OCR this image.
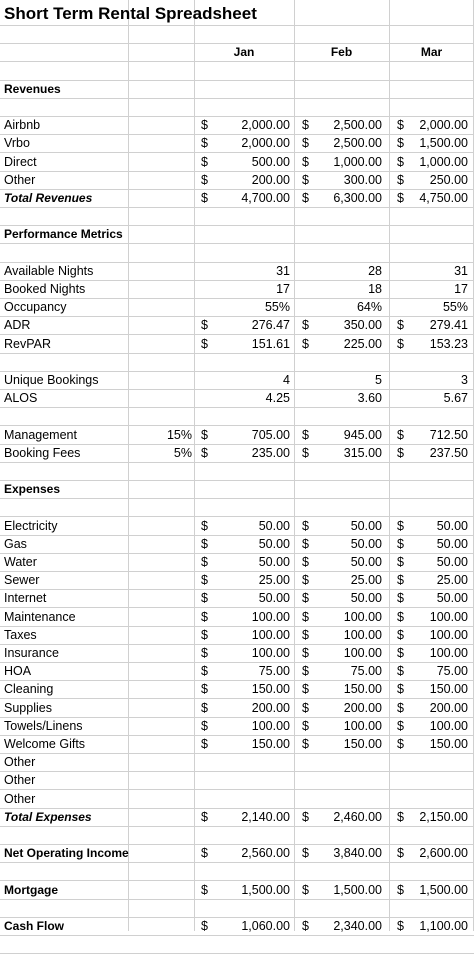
Short Term Rental Spreadsheet
Jan	Feb	Mar
Revenues
Airbnb	$	2,000.00 $	2,500.00 $	2,000.00
Vrbo	$	2,000.00 $	2,500.00 $	1,500.00
Direct	$	500.00 $	1,000.00 $	1,000.00
Other	$	200.00 $	300.00 $	250.00
Total Revenues	$	4,700.00 $	6,300.00 $	4,750.00
Performance Metrics
Available Nights	31	28	31
Booked Nights	17	18	17
Occupancy	55%	64%	55%
ADR	$	276.47 $	350.00 $	279.41
RevPAR	$	151.61 $	225.00 $	153.23
Unique Bookings	4	5	3
ALOS	4.25	3.60	5.67
Management	15% $	705.00 $	945.00 $	712.50
Booking Fees	5% $	235.00 $	315.00 $	237.50
Expenses
Electricity	$	50.00 $	50.00 $	50.00
Gas	$	50.00 $	50.00 $	50.00
Water	$	50.00 $	50.00 $	50.00
Sewer	$	25.00 $	25.00 $	25.00
Internet	$	50.00 $	50.00 $	50.00
Maintenance	$	100.00 $	100.00 $	100.00
Taxes	$	100.00 $	100.00 $	100.00
Insurance	$	100.00 $	100.00 $	100.00
HOA	$	75.00 $	75.00 $	75.00
Cleaning	$	150.00 $	150.00 $	150.00
Supplies	$	200.00 $	200.00 $	200.00
Towels/Linens	$	100.00 $	100.00 $	100.00
Welcome Gifts	$	150.00 $	150.00 $	150.00
Other
Other
Other
Total Expenses	$	2,140.00 $	2,460.00 $	2,150.00
Net Operating Income	$	2,560.00 $	3,840.00 $	2,600.00
Mortgage	$	1,500.00 $	1,500.00 $	1,500.00
Cash Flow	$	1,060.00 $	2,340.00 $	1,100.00
